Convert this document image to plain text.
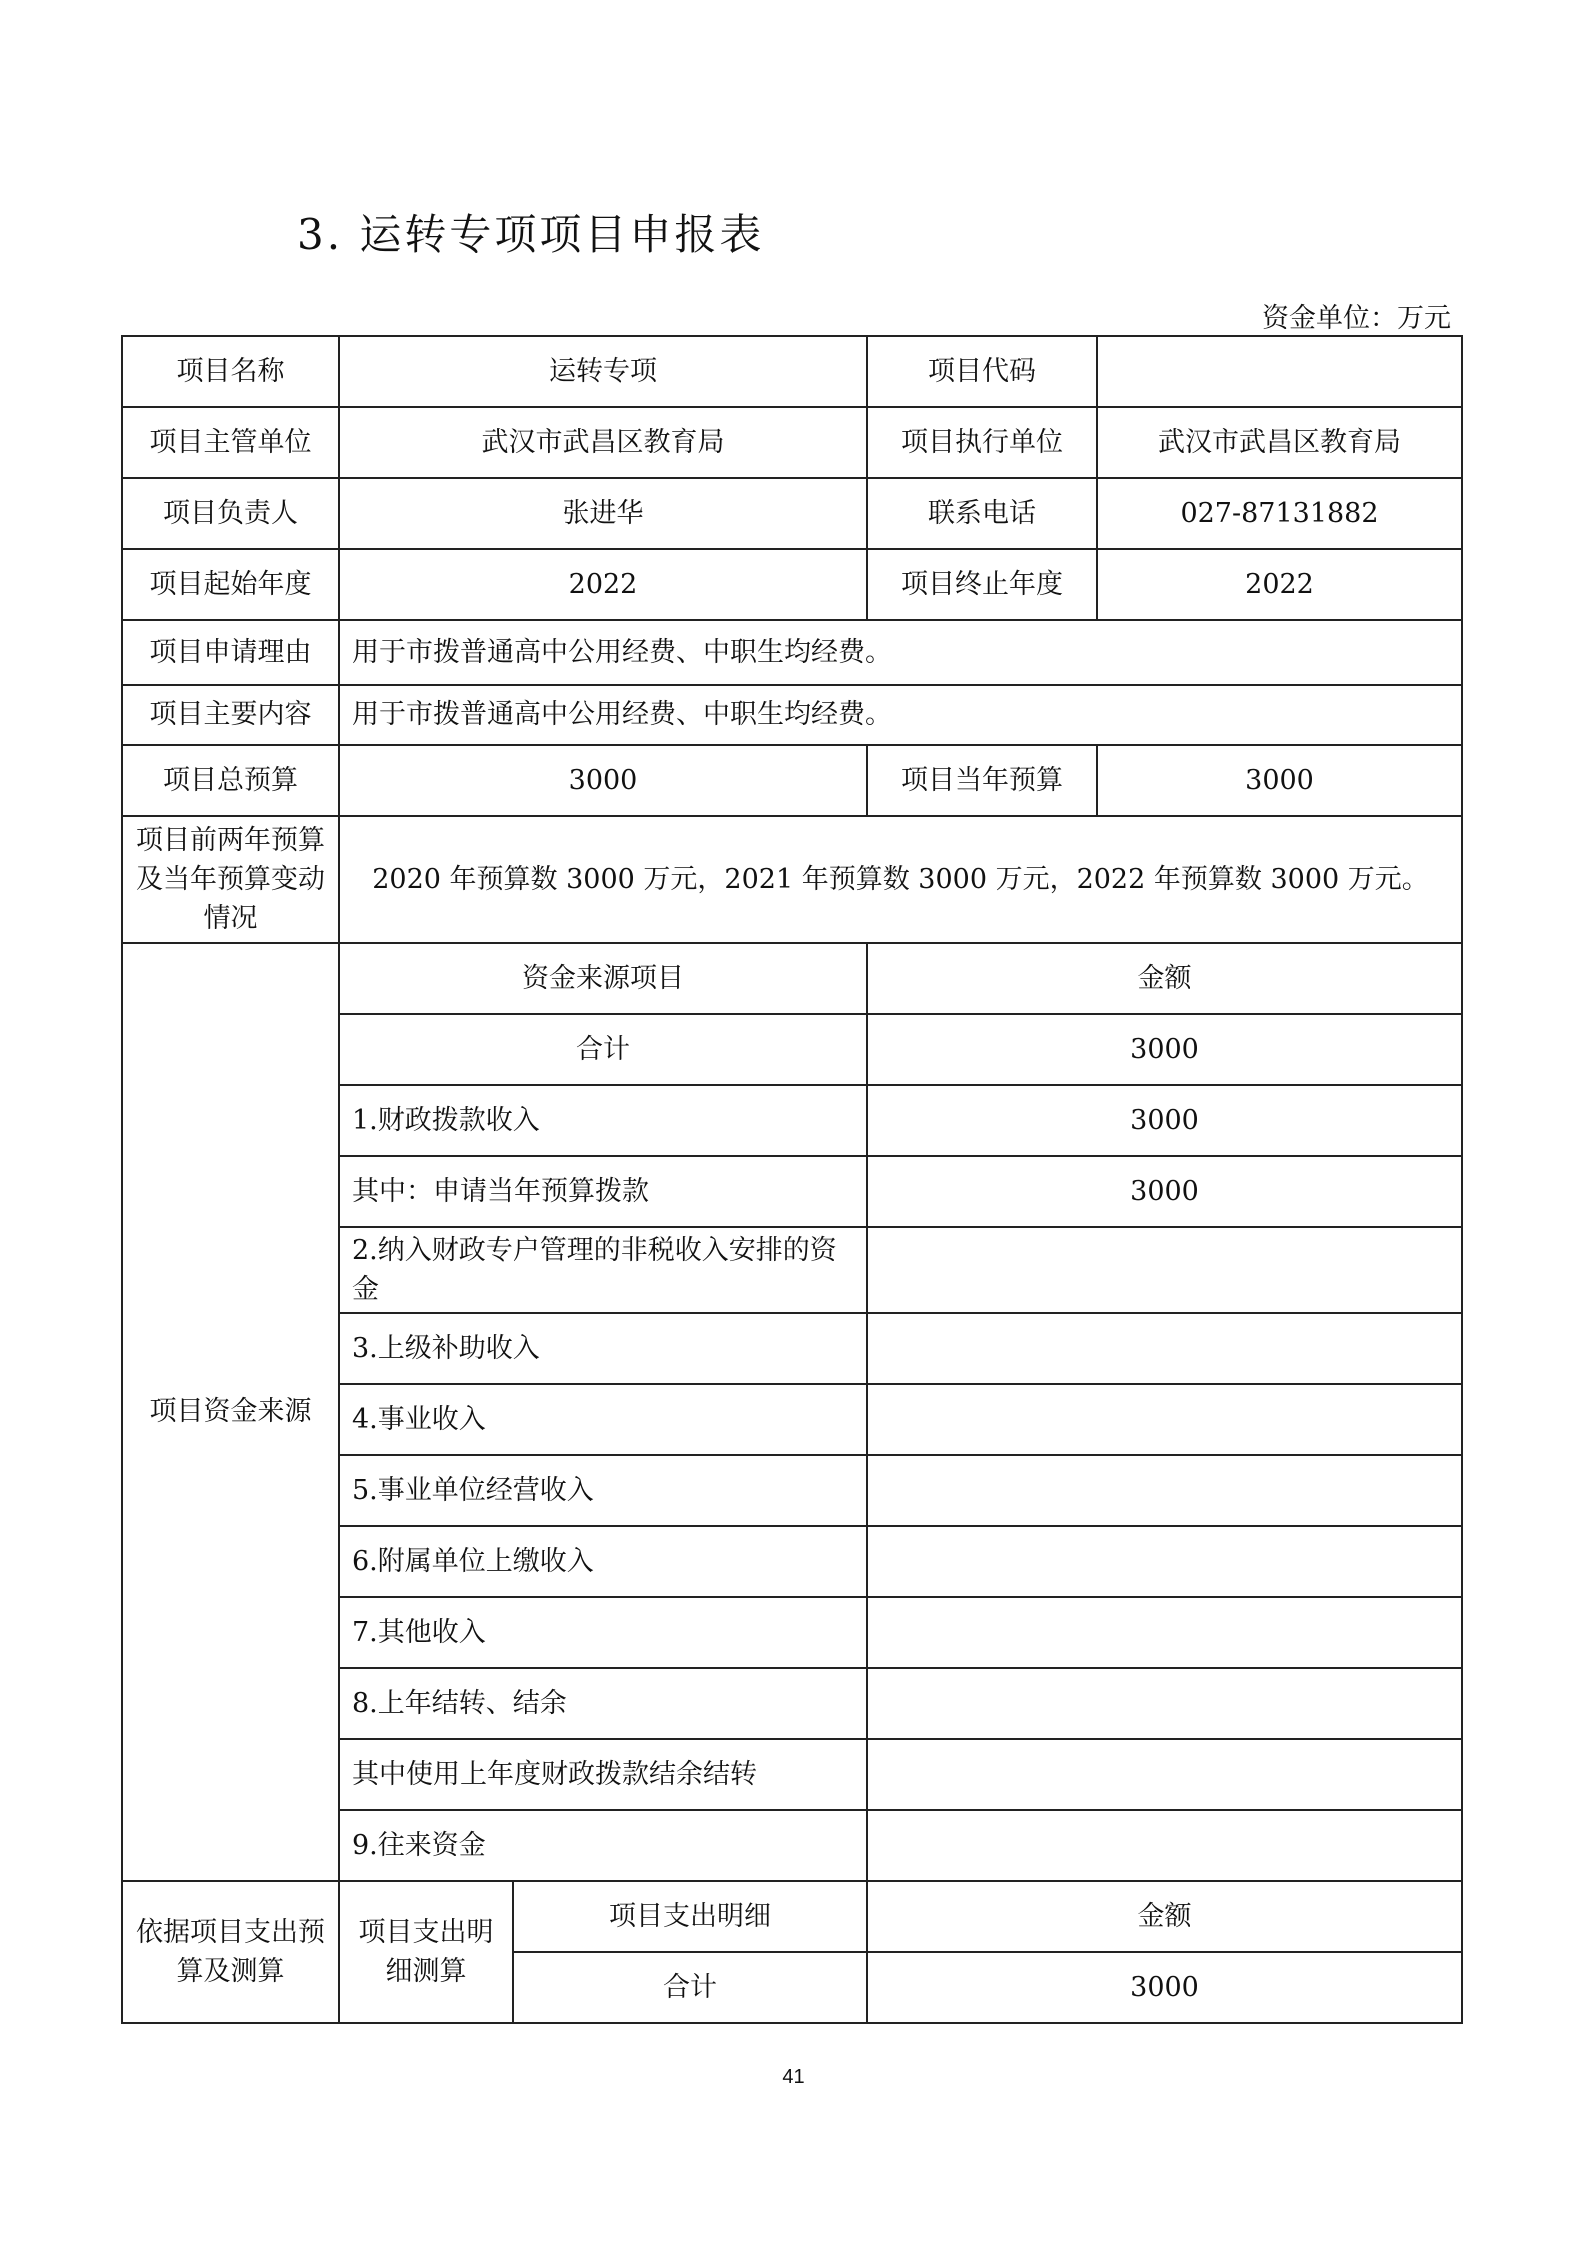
3. 运转专项项目申报表
资金单位：万元
项目名称	运转专项		项目代码	
项目主管单位	武汉市武昌区教育局		项目执行单位	武汉市武昌区教育局
项目负责人	张进华		联系电话	027-87131882
项目起始年度	2022		项目终止年度	2022
项目申请理由	用于市拨普通高中公用经费、中职生均经费。			
项目主要内容	用于市拨普通高中公用经费、中职生均经费。			
项目总预算	3000		项目当年预算	3000
项目前两年预算及当年预算变动情况	2020 年预算数 3000 万元，2021 年预算数 3000 万元，2022 年预算数 3000 万元。			
项目资金来源	资金来源项目		金额	
	合计		3000	
	1.财政拨款收入		3000	
	其中：申请当年预算拨款		3000	
	2.纳入财政专户管理的非税收入安排的资金			
	3.上级补助收入			
	4.事业收入			
	5.事业单位经营收入			
	6.附属单位上缴收入			
	7.其他收入			
	8.上年结转、结余			
	其中使用上年度财政拨款结余结转			
	9.往来资金			
依据项目支出预算及测算	项目支出明细测算	项目支出明细	金额	
		合计	3000	
41
